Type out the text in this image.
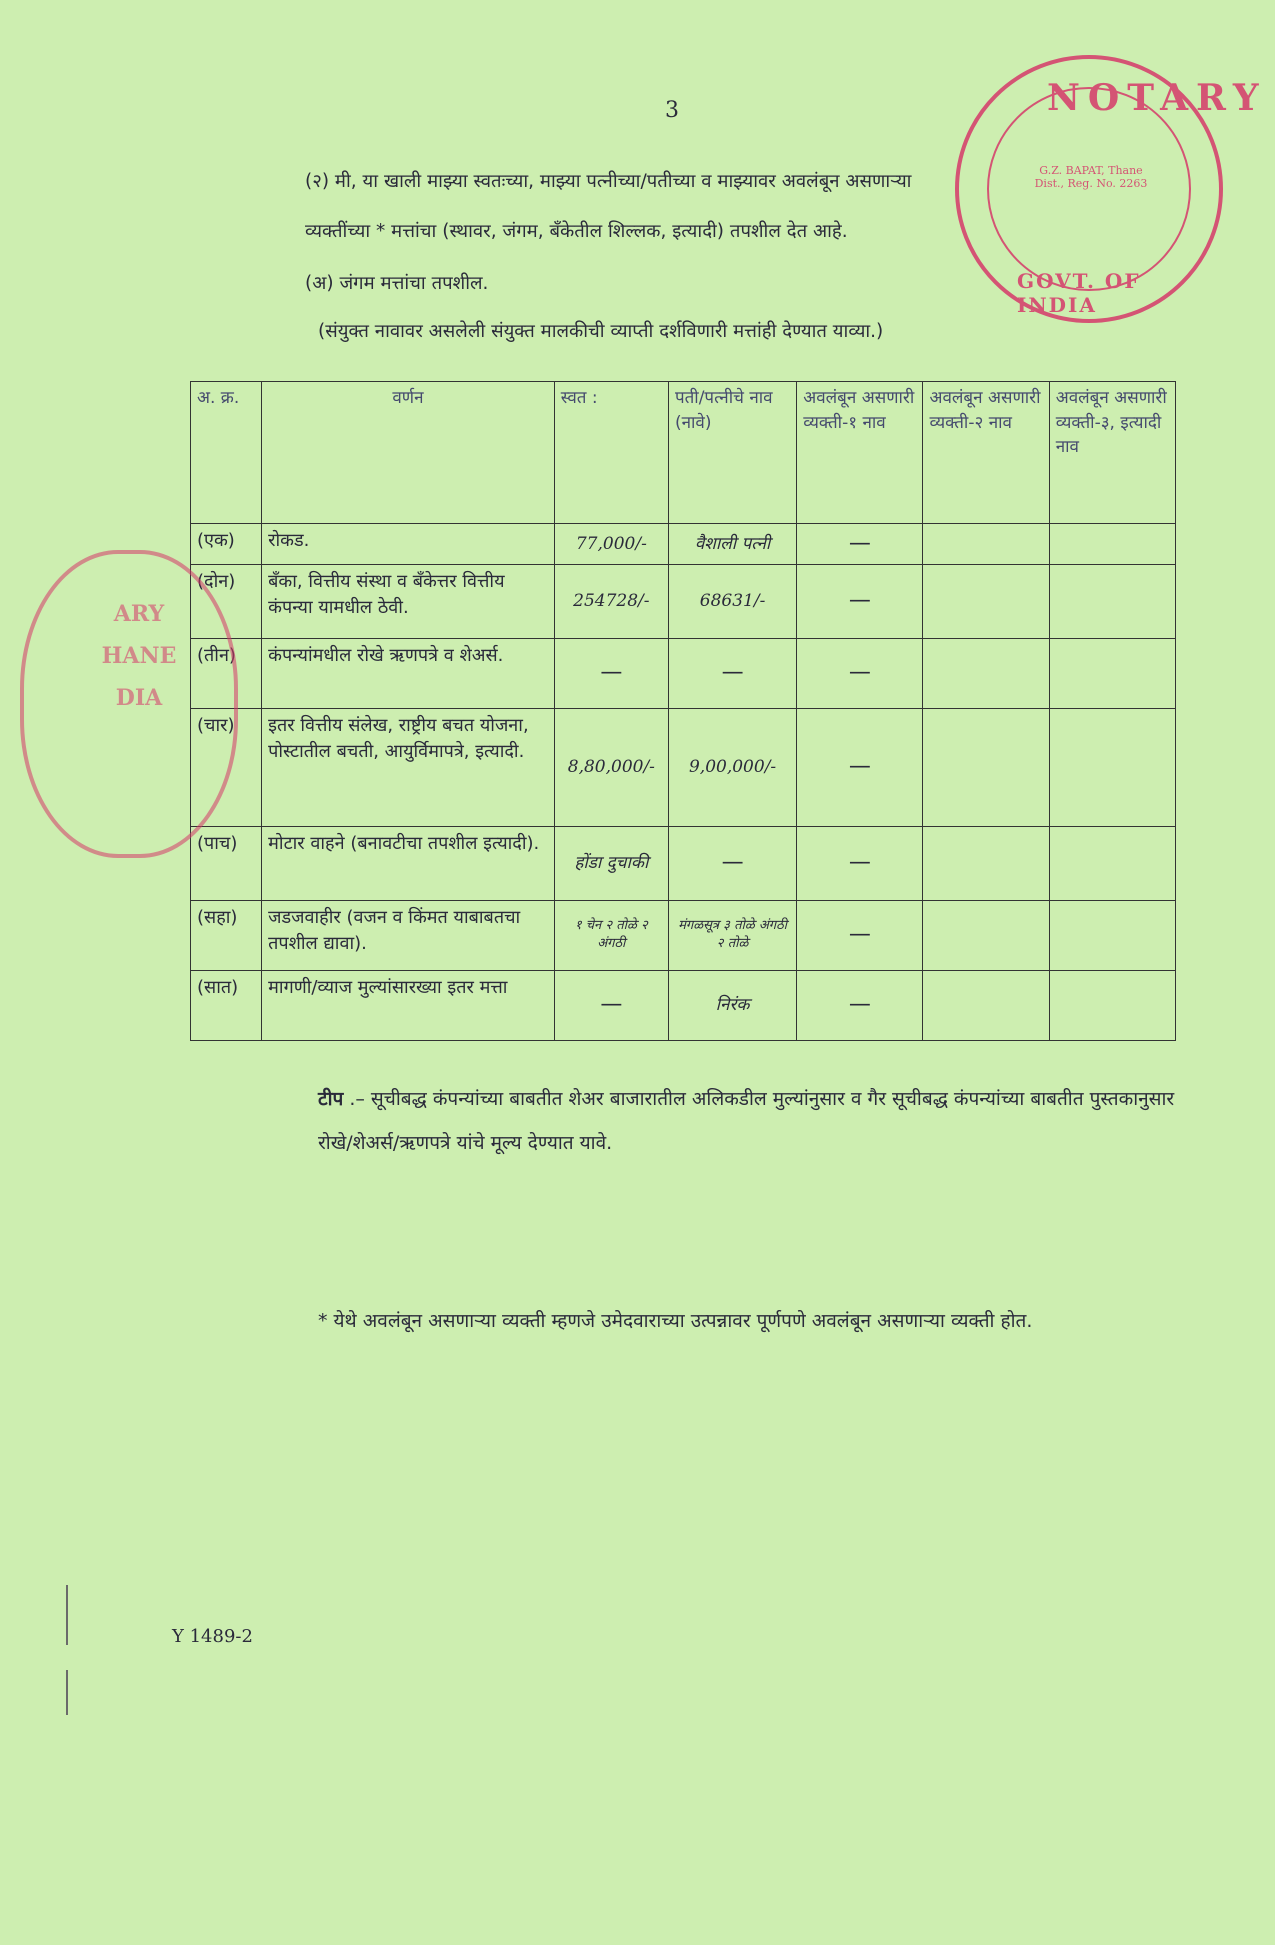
3
(२) मी, या खाली माझ्या स्वतःच्या, माझ्या पत्नीच्या/पतीच्या व माझ्यावर अवलंबून असणाऱ्या
व्यक्तींच्या * मत्तांचा (स्थावर, जंगम, बँकेतील शिल्लक, इत्यादी) तपशील देत आहे.
(अ) जंगम मत्तांचा तपशील.
(संयुक्त नावावर असलेली संयुक्त मालकीची व्याप्ती दर्शविणारी मत्तांही देण्यात याव्या.)
अ. क्र.	वर्णन	स्वत :	पती/पत्नीचे नाव (नावे)	अवलंबून असणारी व्यक्ती-१ नाव	अवलंबून असणारी व्यक्ती-२ नाव	अवलंबून असणारी व्यक्ती-३, इत्यादी नाव
(एक)	रोकड.	77,000/-	वैशाली पत्नी	—		
(दोन)	बँका, वित्तीय संस्था व बँकेत्तर वित्तीय कंपन्या यामधील ठेवी.	254728/-	68631/-	—		
(तीन)	कंपन्यांमधील रोखे ऋणपत्रे व शेअर्स.	—	—	—		
(चार)	इतर वित्तीय संलेख, राष्ट्रीय बचत योजना, पोस्टातील बचती, आयुर्विमापत्रे, इत्यादी.	8,80,000/-	9,00,000/-	—		
(पाच)	मोटार वाहने (बनावटीचा तपशील इत्यादी).	होंडा दुचाकी	—	—		
(सहा)	जडजवाहीर (वजन व किंमत याबाबतचा तपशील द्यावा).	१ चेन २ तोळे २ अंगठी	मंगळसूत्र ३ तोळे अंगठी २ तोळे	—		
(सात)	मागणी/व्याज मुल्यांसारख्या इतर मत्ता	—	निरंक	—		
टीप .– सूचीबद्ध कंपन्यांच्या बाबतीत शेअर बाजारातील अलिकडील मुल्यांनुसार व गैर सूचीबद्ध कंपन्यांच्या बाबतीत पुस्तकानुसार रोखे/शेअर्स/ऋणपत्रे यांचे मूल्य देण्यात यावे.
* येथे अवलंबून असणाऱ्या व्यक्ती म्हणजे उमेदवाराच्या उत्पन्नावर पूर्णपणे अवलंबून असणाऱ्या व्यक्ती होत.
Y 1489-2
NOTARY
GOVT. OF INDIA
G.Z. BAPAT, Thane Dist., Reg. No. 2263
ARY HANE DIA
